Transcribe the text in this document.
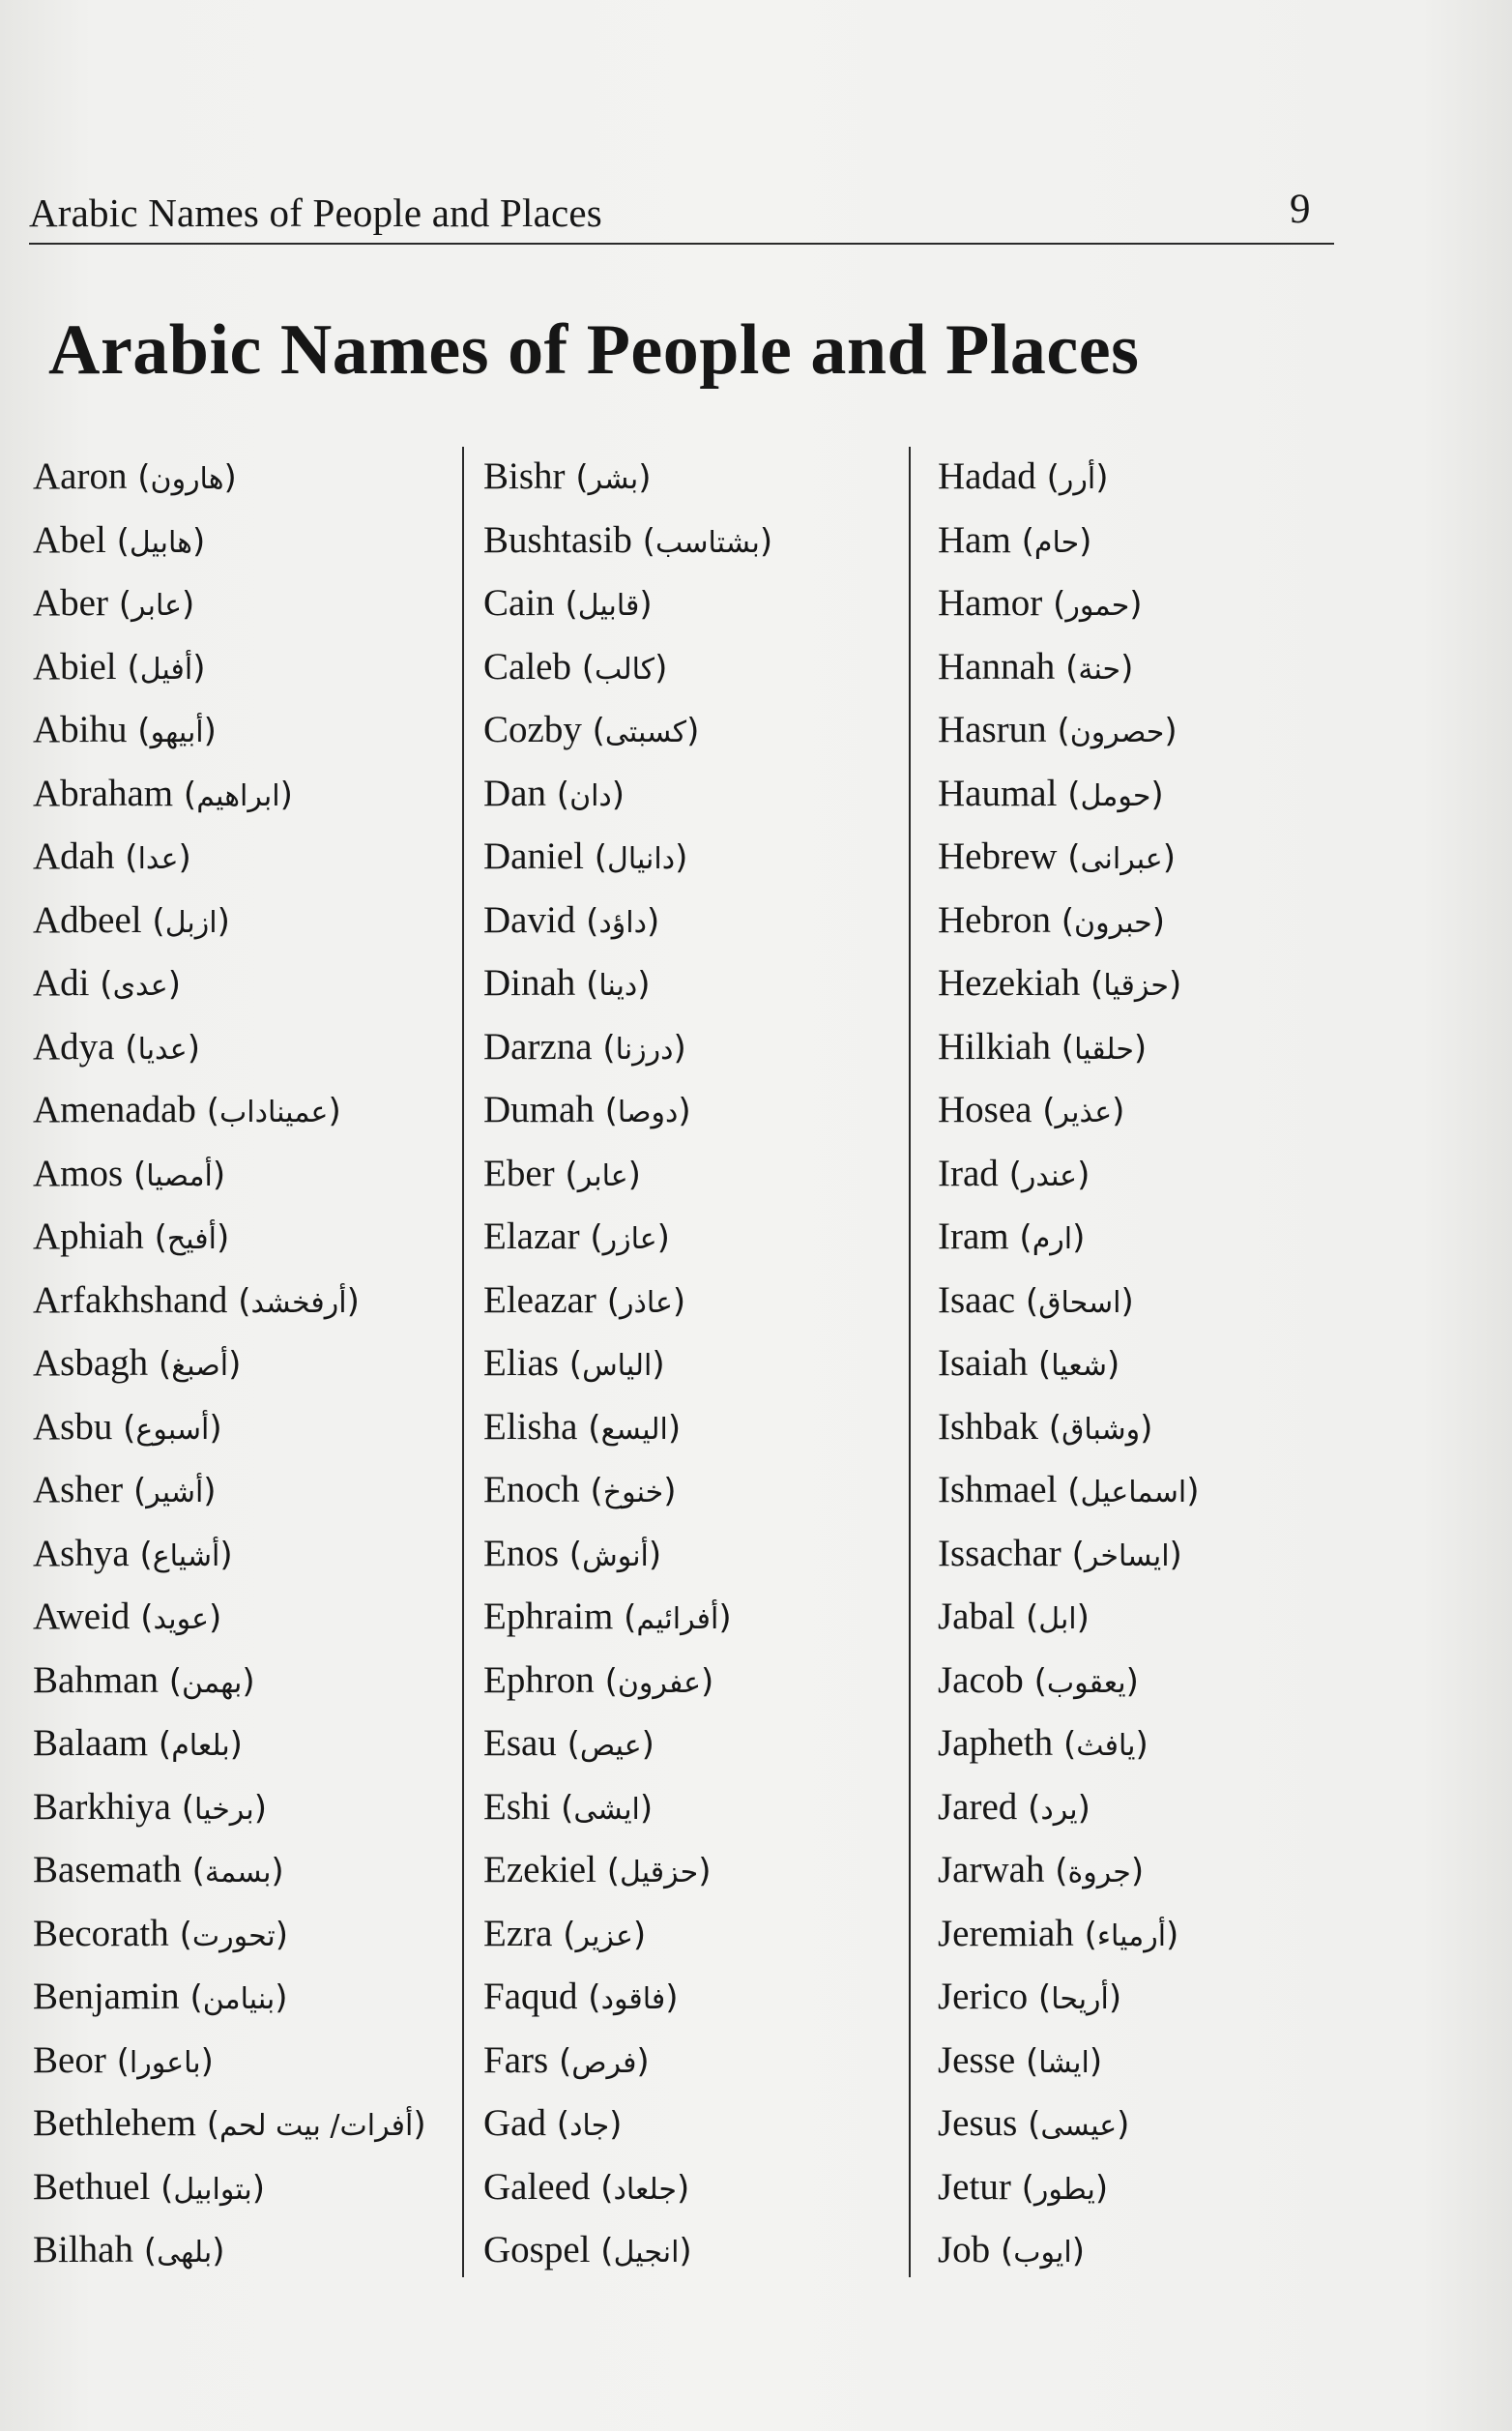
Arabic Names of People and Places	9
Arabic Names of People and Places
Aaron (هارون)
Abel (هابيل)
Aber (عابر)
Abiel (أفيل)
Abihu (أبيهو)
Abraham (ابراهيم)
Adah (عدا)
Adbeel (ازبل)
Adi (عدى)
Adya (عديا)
Amenadab (عميناداب)
Amos (أمصيا)
Aphiah (أفيح)
Arfakhshand (أرفخشد)
Asbagh (أصبغ)
Asbu (أسبوع)
Asher (أشير)
Ashya (أشياع)
Aweid (عويد)
Bahman (بهمن)
Balaam (بلعام)
Barkhiya (برخيا)
Basemath (بسمة)
Becorath (تحورت)
Benjamin (بنيامن)
Beor (باعورا)
Bethlehem (أفرات/ بيت لحم)
Bethuel (بتوابيل)
Bilhah (بلهى)
Bishr (بشر)
Bushtasib (بشتاسب)
Cain (قابيل)
Caleb (كالب)
Cozby (كسبتى)
Dan (دان)
Daniel (دانيال)
David (داؤد)
Dinah (دينا)
Darzna (درزنا)
Dumah (دوصا)
Eber (عابر)
Elazar (عازر)
Eleazar (عاذر)
Elias (الياس)
Elisha (اليسع)
Enoch (خنوخ)
Enos (أنوش)
Ephraim (أفرائيم)
Ephron (عفرون)
Esau (عيص)
Eshi (ايشى)
Ezekiel (حزقيل)
Ezra (عزير)
Faqud (فاقود)
Fars (فرص)
Gad (جاد)
Galeed (جلعاد)
Gospel (انجيل)
Hadad (أرر)
Ham (حام)
Hamor (حمور)
Hannah (حنة)
Hasrun (حصرون)
Haumal (حومل)
Hebrew (عبرانى)
Hebron (حبرون)
Hezekiah (حزقيا)
Hilkiah (حلقيا)
Hosea (عذير)
Irad (عندر)
Iram (ارم)
Isaac (اسحاق)
Isaiah (شعيا)
Ishbak (وشباق)
Ishmael (اسماعيل)
Issachar (ايساخر)
Jabal (ابل)
Jacob (يعقوب)
Japheth (يافث)
Jared (يرد)
Jarwah (جروة)
Jeremiah (أرمياء)
Jerico (أريحا)
Jesse (ايشا)
Jesus (عيسى)
Jetur (يطور)
Job (ايوب)
